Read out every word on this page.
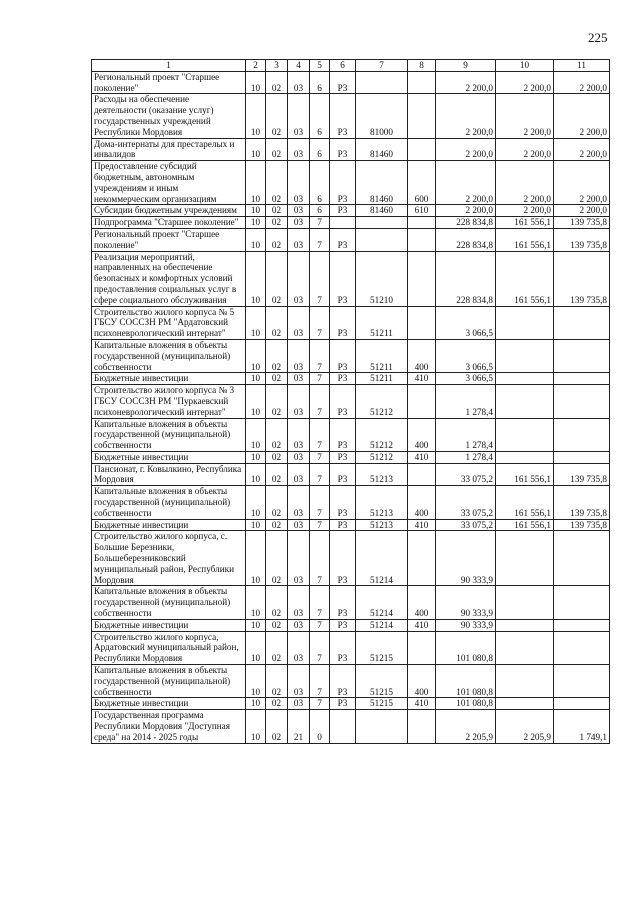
225
1	2	3	4	5	6	7	8	9	10	11
Региональный проект "Старшее поколение"	10	02	03	6	Р3			2 200,0	2 200,0	2 200,0
Расходы на обеспечение деятельности (оказание услуг) государственных учреждений Республики Мордовия	10	02	03	6	Р3	81000		2 200,0	2 200,0	2 200,0
Дома-интернаты для престарелых и инвалидов	10	02	03	6	Р3	81460		2 200,0	2 200,0	2 200,0
Предоставление субсидий бюджетным, автономным учреждениям и иным некоммерческим организациям	10	02	03	6	Р3	81460	600	2 200,0	2 200,0	2 200,0
Субсидии бюджетным учреждениям	10	02	03	6	Р3	81460	610	2 200,0	2 200,0	2 200,0
Подпрограмма "Старшее поколение"	10	02	03	7				228 834,8	161 556,1	139 735,8
Региональный проект "Старшее поколение"	10	02	03	7	Р3			228 834,8	161 556,1	139 735,8
Реализация мероприятий, направленных на обеспечение безопасных и комфортных условий предоставления социальных услуг в сфере социального обслуживания	10	02	03	7	Р3	51210		228 834,8	161 556,1	139 735,8
Строительство жилого корпуса № 5 ГБСУ СОССЗН РМ "Ардатовский психоневрологический интернат"	10	02	03	7	Р3	51211		3 066,5		
Капитальные вложения в объекты государственной (муниципальной) собственности	10	02	03	7	Р3	51211	400	3 066,5		
Бюджетные инвестиции	10	02	03	7	Р3	51211	410	3 066,5		
Строительство жилого корпуса № 3 ГБСУ СОССЗН РМ "Пуркаевский психоневрологический интернат"	10	02	03	7	Р3	51212		1 278,4		
Капитальные вложения в объекты государственной (муниципальной) собственности	10	02	03	7	Р3	51212	400	1 278,4		
Бюджетные инвестиции	10	02	03	7	Р3	51212	410	1 278,4		
Пансионат, г. Ковылкино, Республика Мордовия	10	02	03	7	Р3	51213		33 075,2	161 556,1	139 735,8
Капитальные вложения в объекты государственной (муниципальной) собственности	10	02	03	7	Р3	51213	400	33 075,2	161 556,1	139 735,8
Бюджетные инвестиции	10	02	03	7	Р3	51213	410	33 075,2	161 556,1	139 735,8
Строительство жилого корпуса, с. Большие Березники, Большеберезниковский муниципальный район, Республики Мордовия	10	02	03	7	Р3	51214		90 333,9		
Капитальные вложения в объекты государственной (муниципальной) собственности	10	02	03	7	Р3	51214	400	90 333,9		
Бюджетные инвестиции	10	02	03	7	Р3	51214	410	90 333,9		
Строительство жилого корпуса, Ардатовский муниципальный район, Республики Мордовия	10	02	03	7	Р3	51215		101 080,8		
Капитальные вложения в объекты государственной (муниципальной) собственности	10	02	03	7	Р3	51215	400	101 080,8		
Бюджетные инвестиции	10	02	03	7	Р3	51215	410	101 080,8		
Государственная программа Республики Мордовия "Доступная среда" на 2014 - 2025 годы	10	02	21	0				2 205,9	2 205,9	1 749,1
